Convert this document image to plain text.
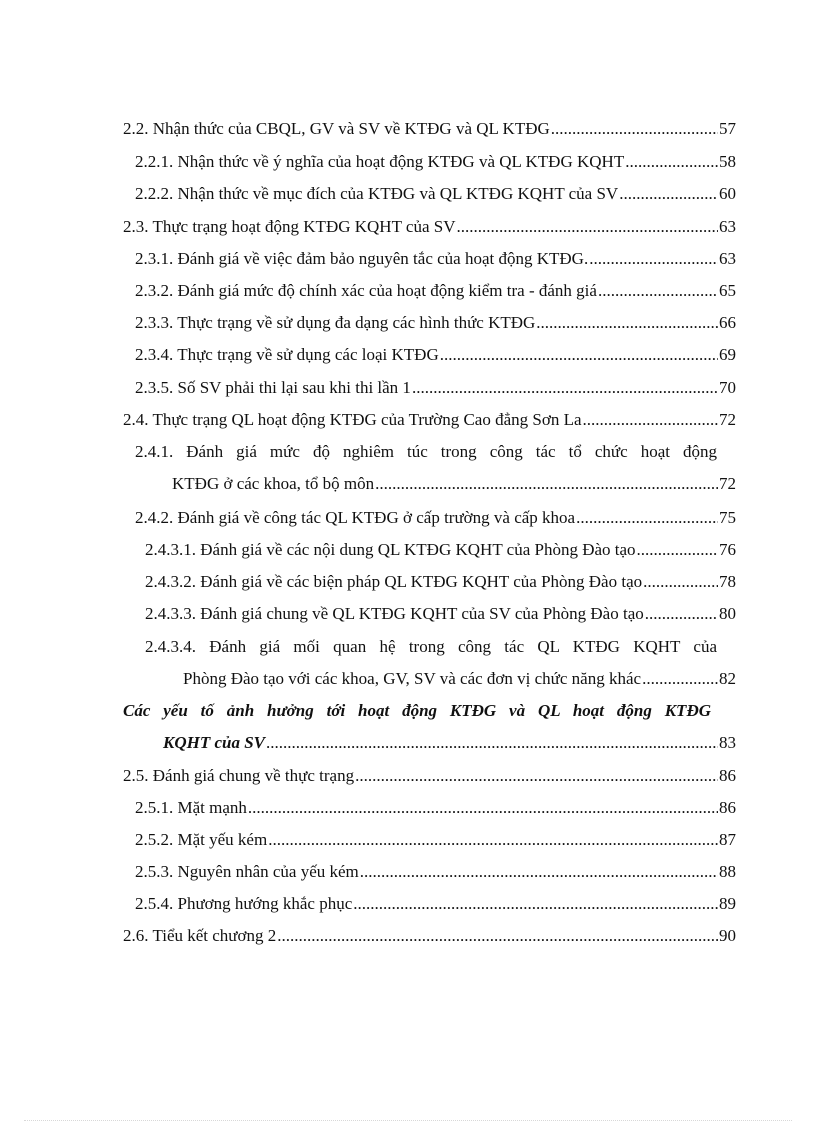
2.2. Nhận thức của CBQL, GV và SV về KTĐG và QL KTĐG .....	57
2.2.1. Nhận thức về ý nghĩa của hoạt động KTĐG và QL KTĐG KQHT .....	58
2.2.2. Nhận thức về mục đích của KTĐG và QL KTĐG KQHT của SV .....	60
2.3. Thực trạng hoạt động KTĐG KQHT của SV .....	63
2.3.1. Đánh giá về việc đảm bảo nguyên tắc của hoạt động KTĐG. .....	63
2.3.2. Đánh giá mức độ chính xác của hoạt động kiểm tra - đánh giá .....	65
2.3.3. Thực trạng về sử dụng đa dạng các hình thức KTĐG .....	66
2.3.4. Thực trạng về sử dụng các loại KTĐG .....	69
2.3.5. Số SV phải thi lại sau khi thi lần 1 .....	70
2.4. Thực trạng QL hoạt động KTĐG của Trường Cao đẳng Sơn La .....	72
2.4.1. Đánh giá mức độ nghiêm túc trong công tác tổ chức hoạt động
KTĐG ở các khoa, tổ bộ môn .....	72
2.4.2. Đánh giá về công tác QL KTĐG ở cấp trường và cấp khoa .....	75
2.4.3.1. Đánh giá về các nội dung QL KTĐG KQHT của Phòng Đào tạo .....	76
2.4.3.2. Đánh giá về các biện pháp QL KTĐG KQHT của Phòng Đào tạo .....	78
2.4.3.3. Đánh giá chung về QL KTĐG KQHT của SV của Phòng Đào tạo .....	80
2.4.3.4. Đánh giá mối quan hệ trong công tác QL KTĐG KQHT của
Phòng Đào tạo với các khoa, GV, SV và các đơn vị chức năng khác .....	82
Các yếu tố ảnh hưởng tới hoạt động KTĐG và QL hoạt động KTĐG
KQHT của SV .....	83
2.5. Đánh giá chung về thực trạng .....	86
2.5.1. Mặt mạnh .....	86
2.5.2. Mặt yếu kém .....	87
2.5.3. Nguyên nhân của yếu kém .....	88
2.5.4. Phương hướng khắc phục .....	89
2.6. Tiểu kết chương 2 .....	90
